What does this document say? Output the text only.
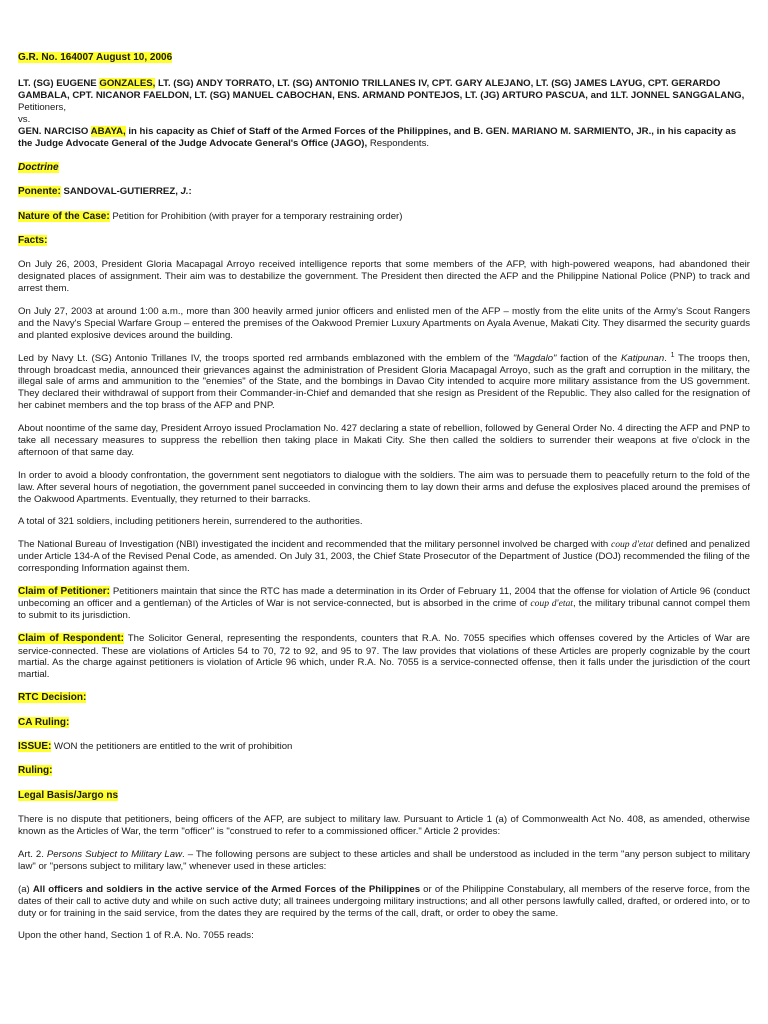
G.R. No. 164007 August 10, 2006

LT. (SG) EUGENE GONZALES, LT. (SG) ANDY TORRATO, LT. (SG) ANTONIO TRILLANES IV, CPT. GARY ALEJANO, LT. (SG) JAMES LAYUG, CPT. GERARDO GAMBALA, CPT. NICANOR FAELDON, LT. (SG) MANUEL CABOCHAN, ENS. ARMAND PONTEJOS, LT. (JG) ARTURO PASCUA, and 1LT. JONNEL SANGGALANG, Petitioners,
vs.
GEN. NARCISO ABAYA, in his capacity as Chief of Staff of the Armed Forces of the Philippines, and B. GEN. MARIANO M. SARMIENTO, JR., in his capacity as the Judge Advocate General of the Judge Advocate General's Office (JAGO), Respondents.

Doctrine

Ponente: SANDOVAL-GUTIERREZ, J.:

Nature of the Case: Petition for Prohibition (with prayer for a temporary restraining order)

Facts:

On July 26, 2003, President Gloria Macapagal Arroyo received intelligence reports that some members of the AFP, with high-powered weapons, had abandoned their designated places of assignment. Their aim was to destabilize the government. The President then directed the AFP and the Philippine National Police (PNP) to track and arrest them.

On July 27, 2003 at around 1:00 a.m., more than 300 heavily armed junior officers and enlisted men of the AFP – mostly from the elite units of the Army's Scout Rangers and the Navy's Special Warfare Group – entered the premises of the Oakwood Premier Luxury Apartments on Ayala Avenue, Makati City. They disarmed the security guards and planted explosive devices around the building.

Led by Navy Lt. (SG) Antonio Trillanes IV, the troops sported red armbands emblazoned with the emblem of the "Magdalo" faction of the Katipunan. $^1$ The troops then, through broadcast media, announced their grievances against the administration of President Gloria Macapagal Arroyo, such as the graft and corruption in the military, the illegal sale of arms and ammunition to the "enemies" of the State, and the bombings in Davao City intended to acquire more military assistance from the US government. They declared their withdrawal of support from their Commander-in-Chief and demanded that she resign as President of the Republic. They also called for the resignation of her cabinet members and the top brass of the AFP and PNP.

About noontime of the same day, President Arroyo issued Proclamation No. 427 declaring a state of rebellion, followed by General Order No. 4 directing the AFP and PNP to take all necessary measures to suppress the rebellion then taking place in Makati City. She then called the soldiers to surrender their weapons at five o'clock in the afternoon of that same day.

In order to avoid a bloody confrontation, the government sent negotiators to dialogue with the soldiers. The aim was to persuade them to peacefully return to the fold of the law. After several hours of negotiation, the government panel succeeded in convincing them to lay down their arms and defuse the explosives placed around the premises of the Oakwood Apartments. Eventually, they returned to their barracks.

A total of 321 soldiers, including petitioners herein, surrendered to the authorities.

The National Bureau of Investigation (NBI) investigated the incident and recommended that the military personnel involved be charged with coup d'etat defined and penalized under Article 134-A of the Revised Penal Code, as amended. On July 31, 2003, the Chief State Prosecutor of the Department of Justice (DOJ) recommended the filing of the corresponding Information against them.

Claim of Petitioner: Petitioners maintain that since the RTC has made a determination in its Order of February 11, 2004 that the offense for violation of Article 96 (conduct unbecoming an officer and a gentleman) of the Articles of War is not service-connected, but is absorbed in the crime of coup d'etat, the military tribunal cannot compel them to submit to its jurisdiction.

Claim of Respondent: The Solicitor General, representing the respondents, counters that R.A. No. 7055 specifies which offenses covered by the Articles of War are service-connected. These are violations of Articles 54 to 70, 72 to 92, and 95 to 97. The law provides that violations of these Articles are properly cognizable by the court martial. As the charge against petitioners is violation of Article 96 which, under R.A. No. 7055 is a service-connected offense, then it falls under the jurisdiction of the court martial.

RTC Decision:

CA Ruling:

ISSUE: WON the petitioners are entitled to the writ of prohibition

Ruling:

Legal Basis/Jargo ns

There is no dispute that petitioners, being officers of the AFP, are subject to military law. Pursuant to Article 1 (a) of Commonwealth Act No. 408, as amended, otherwise known as the Articles of War, the term "officer" is "construed to refer to a commissioned officer." Article 2 provides:

Art. 2. Persons Subject to Military Law. – The following persons are subject to these articles and shall be understood as included in the term "any person subject to military law" or "persons subject to military law," whenever used in these articles:

(a) All officers and soldiers in the active service of the Armed Forces of the Philippines or of the Philippine Constabulary, all members of the reserve force, from the dates of their call to active duty and while on such active duty; all trainees undergoing military instructions; and all other persons lawfully called, drafted, or ordered into, or to duty or for training in the said service, from the dates they are required by the terms of the call, draft, or order to obey the same.

Upon the other hand, Section 1 of R.A. No. 7055 reads:
